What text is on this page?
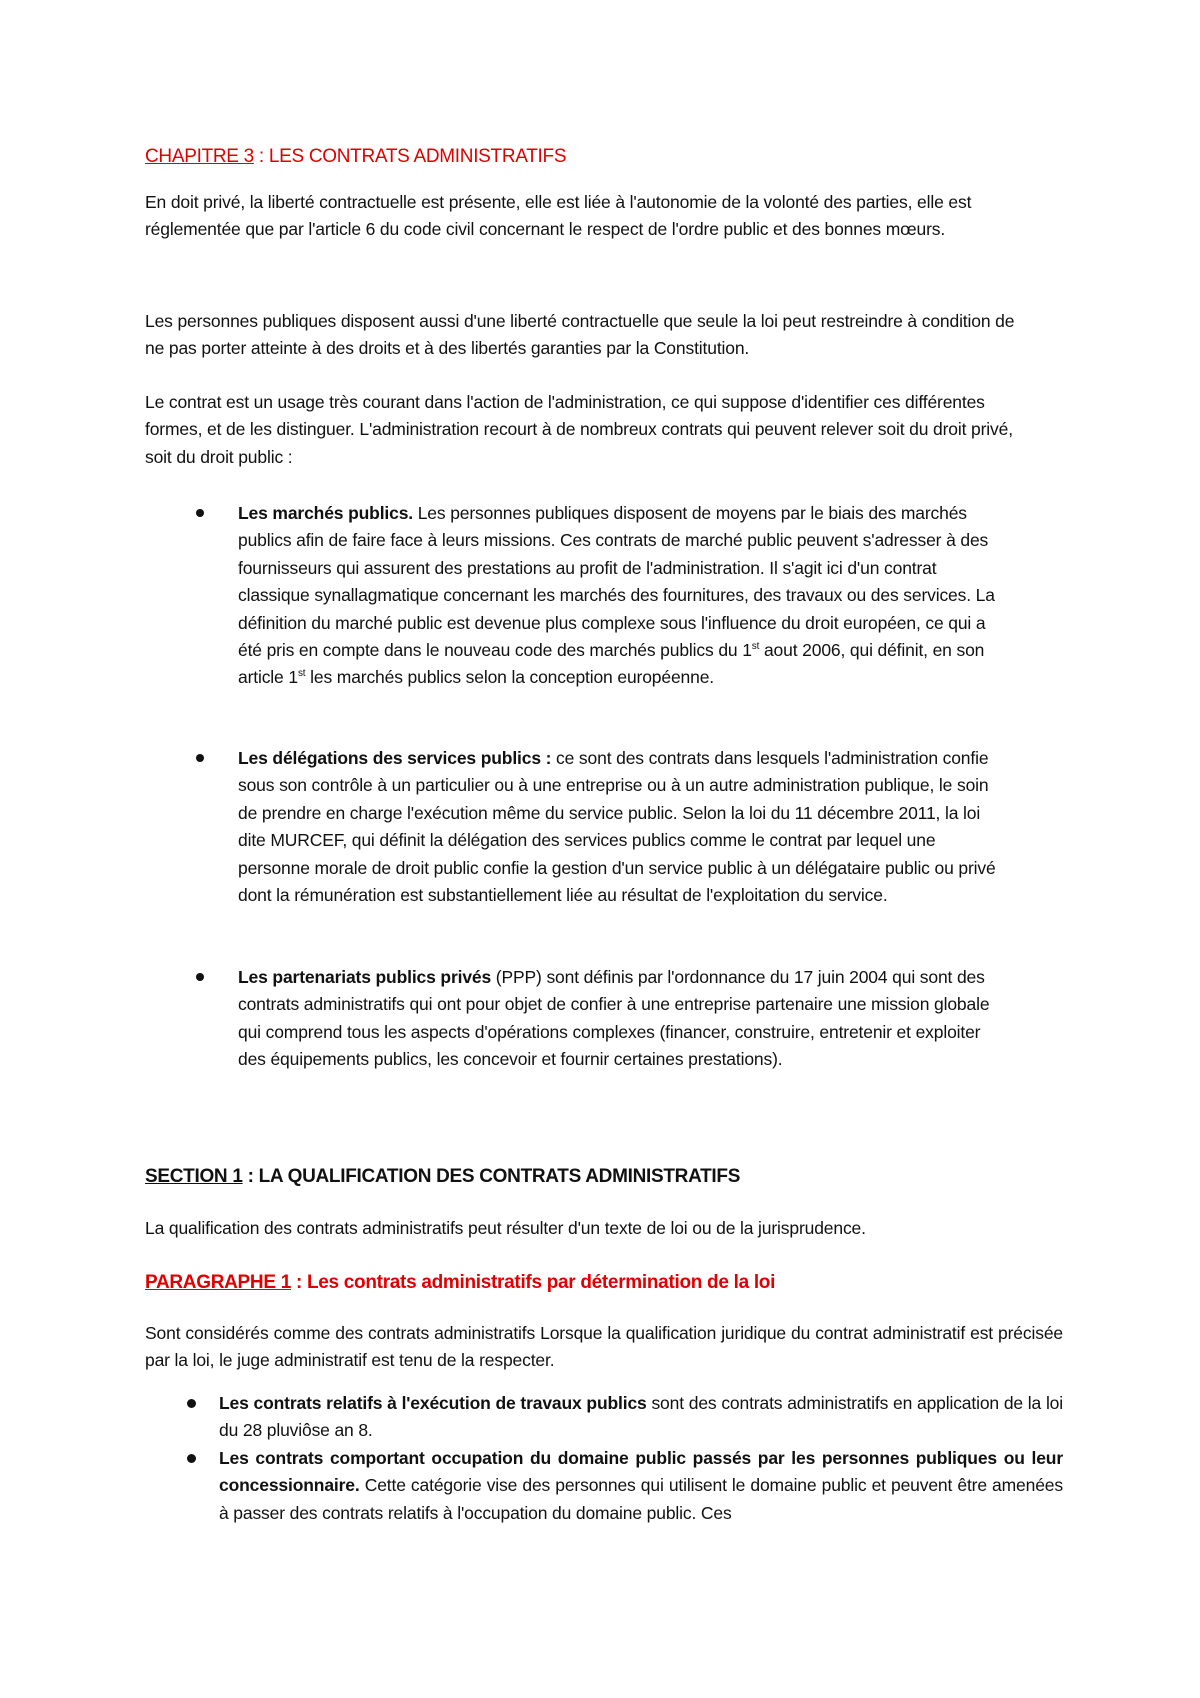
CHAPITRE 3 : LES CONTRATS ADMINISTRATIFS

En doit privé, la liberté contractuelle est présente, elle est liée à l'autonomie de la volonté des parties, elle est réglementée que par l'article 6 du code civil concernant le respect de l'ordre public et des bonnes mœurs.

Les personnes publiques disposent aussi d'une liberté contractuelle que seule la loi peut restreindre à condition de ne pas porter atteinte à des droits et à des libertés garanties par la Constitution.

Le contrat est un usage très courant dans l'action de l'administration, ce qui suppose d'identifier ces différentes formes, et de les distinguer. L'administration recourt à de nombreux contrats qui peuvent relever soit du droit privé, soit du droit public :

Les marchés publics. Les personnes publiques disposent de moyens par le biais des marchés publics afin de faire face à leurs missions. Ces contrats de marché public peuvent s'adresser à des fournisseurs qui assurent des prestations au profit de l'administration. Il s'agit ici d'un contrat classique synallagmatique concernant les marchés des fournitures, des travaux ou des services. La définition du marché public est devenue plus complexe sous l'influence du droit européen, ce qui a été pris en compte dans le nouveau code des marchés publics du 1st aout 2006, qui définit, en son article 1st les marchés publics selon la conception européenne.
Les délégations des services publics : ce sont des contrats dans lesquels l'administration confie sous son contrôle à un particulier ou à une entreprise ou à un autre administration publique, le soin de prendre en charge l'exécution même du service public. Selon la loi du 11 décembre 2011, la loi dite MURCEF, qui définit la délégation des services publics comme le contrat par lequel une personne morale de droit public confie la gestion d'un service public à un délégataire public ou privé dont la rémunération est substantiellement liée au résultat de l'exploitation du service.
Les partenariats publics privés (PPP) sont définis par l'ordonnance du 17 juin 2004 qui sont des contrats administratifs qui ont pour objet de confier à une entreprise partenaire une mission globale qui comprend tous les aspects d'opérations complexes (financer, construire, entretenir et exploiter des équipements publics, les concevoir et fournir certaines prestations).
SECTION 1 : LA QUALIFICATION DES CONTRATS ADMINISTRATIFS

La qualification des contrats administratifs peut résulter d'un texte de loi ou de la jurisprudence.

PARAGRAPHE 1 : Les contrats administratifs par détermination de la loi

Sont considérés comme des contrats administratifs Lorsque la qualification juridique du contrat administratif est précisée par la loi, le juge administratif est tenu de la respecter.

Les contrats relatifs à l'exécution de travaux publics sont des contrats administratifs en application de la loi du 28 pluviôse an 8.
Les contrats comportant occupation du domaine public passés par les personnes publiques ou leur concessionnaire. Cette catégorie vise des personnes qui utilisent le domaine public et peuvent être amenées à passer des contrats relatifs à l'occupation du domaine public. Ces
